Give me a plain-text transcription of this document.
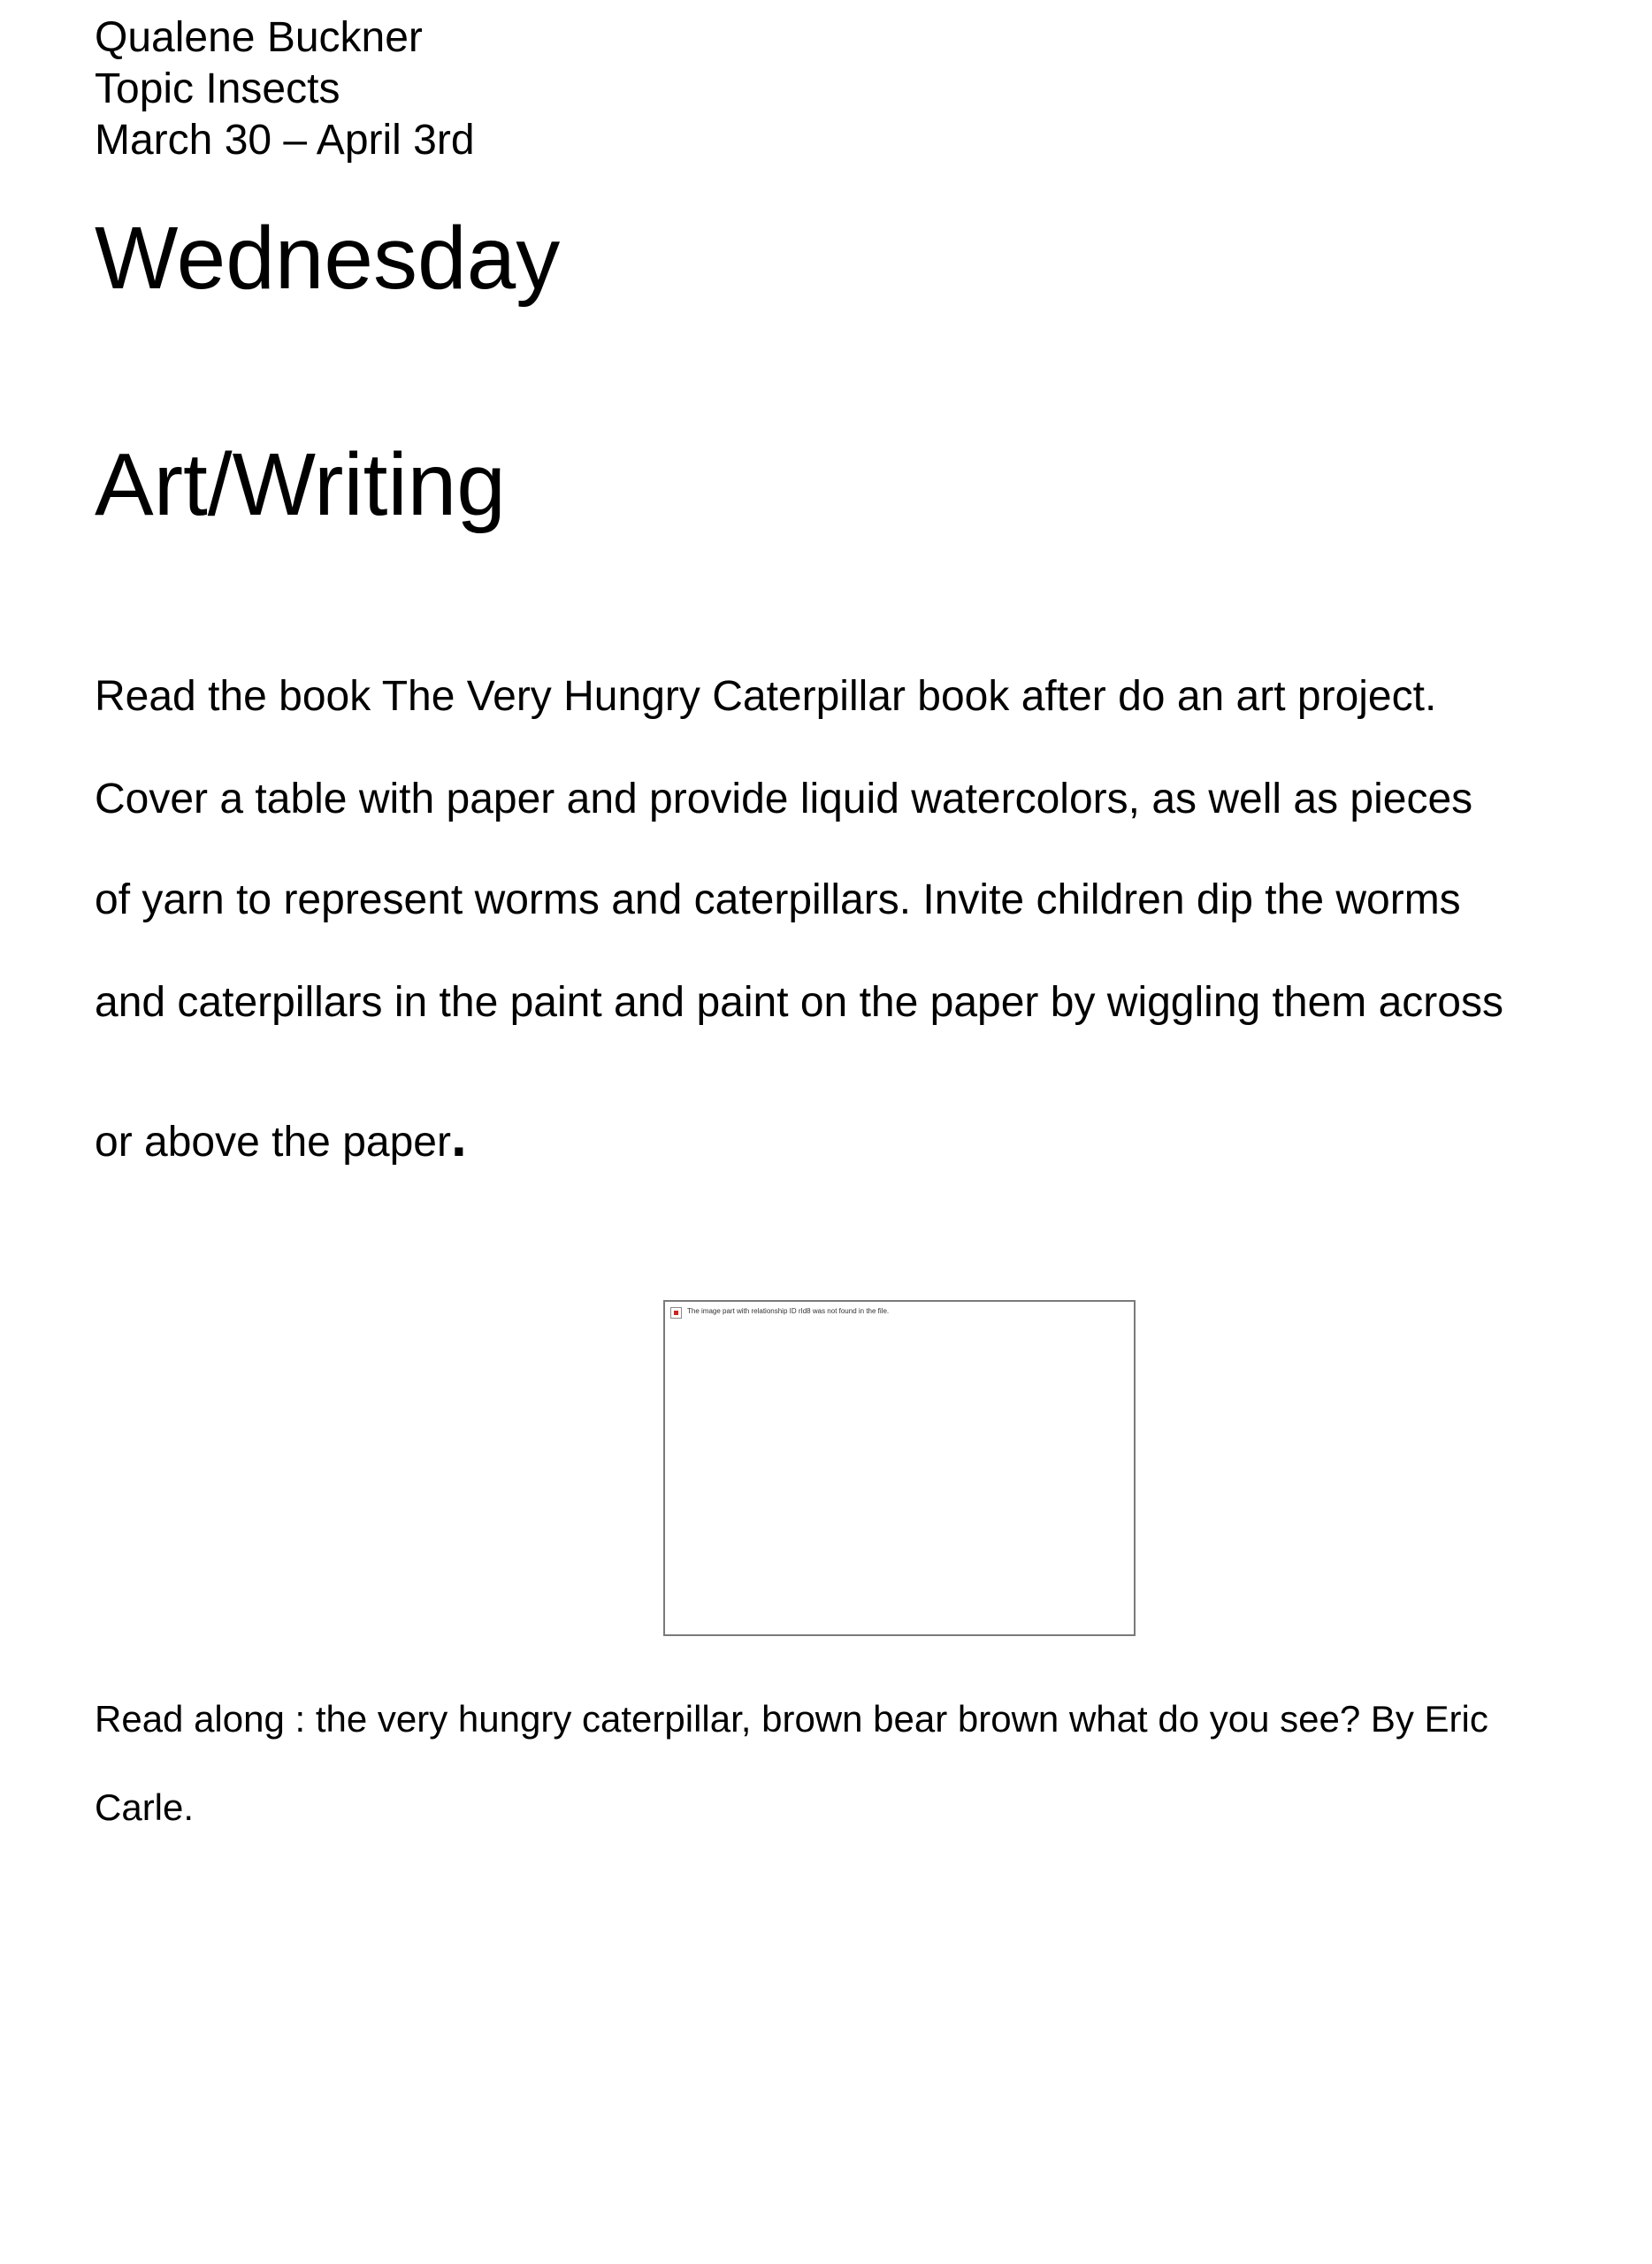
Qualene Buckner
Topic Insects
March 30 – April 3rd
Wednesday
Art/Writing
Read the book The Very Hungry Caterpillar book after do an art project.
Cover a table with paper and provide liquid watercolors, as well as pieces
of yarn to represent worms and caterpillars. Invite children dip the worms
and caterpillars in the paint and paint on the paper by wiggling them across
or above the paper.
The image part with relationship ID rId8 was not found in the file.
Read along : the very hungry caterpillar, brown bear brown what do you see? By Eric
Carle.
